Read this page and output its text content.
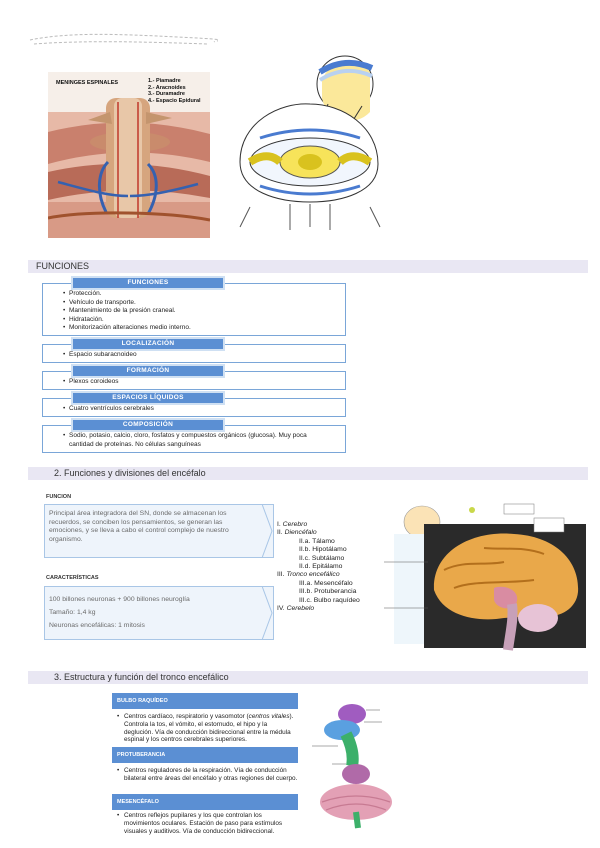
MENINGES ESPINALES	1.- Piamadre
2.- Aracnoides
3.- Duramadre
4.- Espacio Epidural
FUNCIONES
FUNCIONES
• Protección.
• Vehículo de transporte.
• Mantenimiento de la presión craneal.
• Hidratación.
• Monitorización alteraciones medio interno.
LOCALIZACIÓN
• Espacio subaracnoideo
FORMACIÓN
• Plexos coroideos
ESPACIOS LÍQUIDOS
• Cuatro ventrículos cerebrales
COMPOSICIÓN
• Sodio, potasio, calcio, cloro, fosfatos y compuestos orgánicos (glucosa). Muy poca cantidad de proteínas. No células sanguíneas
2. Funciones y divisiones del encéfalo
FUNCION
Principal área integradora del SN, donde se almacenan los recuerdos, se conciben los pensamientos, se generan las emociones, y se lleva a cabo el control complejo de nuestro organismo.
CARACTERÍSTICAS
100 billones neuronas + 900 billones neuroglía
Tamaño: 1,4 kg
Neuronas encefálicas: 1 mitosis
I. Cerebro
II. Diencéfalo
II.a. Tálamo
II.b. Hipotálamo
II.c. Subtálamo
II.d. Epitálamo
III. Tronco encefálico
III.a. Mesencéfalo
III.b. Protuberancia
III.c. Bulbo raquídeo
IV. Cerebelo
3. Estructura y función del tronco encefálico
BULBO RAQUÍDEO
• Centros cardíaco, respiratorio y vasomotor (centros vitales). Controla la tos, el vómito, el estornudo, el hipo y la deglución. Vía de conducción bidireccional entre la médula espinal y los centros cerebrales superiores.
PROTUBERANCIA
• Centros reguladores de la respiración. Vía de conducción bilateral entre áreas del encéfalo y otras regiones del cuerpo.
MESENCÉFALO
• Centros reflejos pupilares y los que controlan los movimientos oculares. Estación de paso para estímulos visuales y auditivos. Vía de conducción bidireccional.
